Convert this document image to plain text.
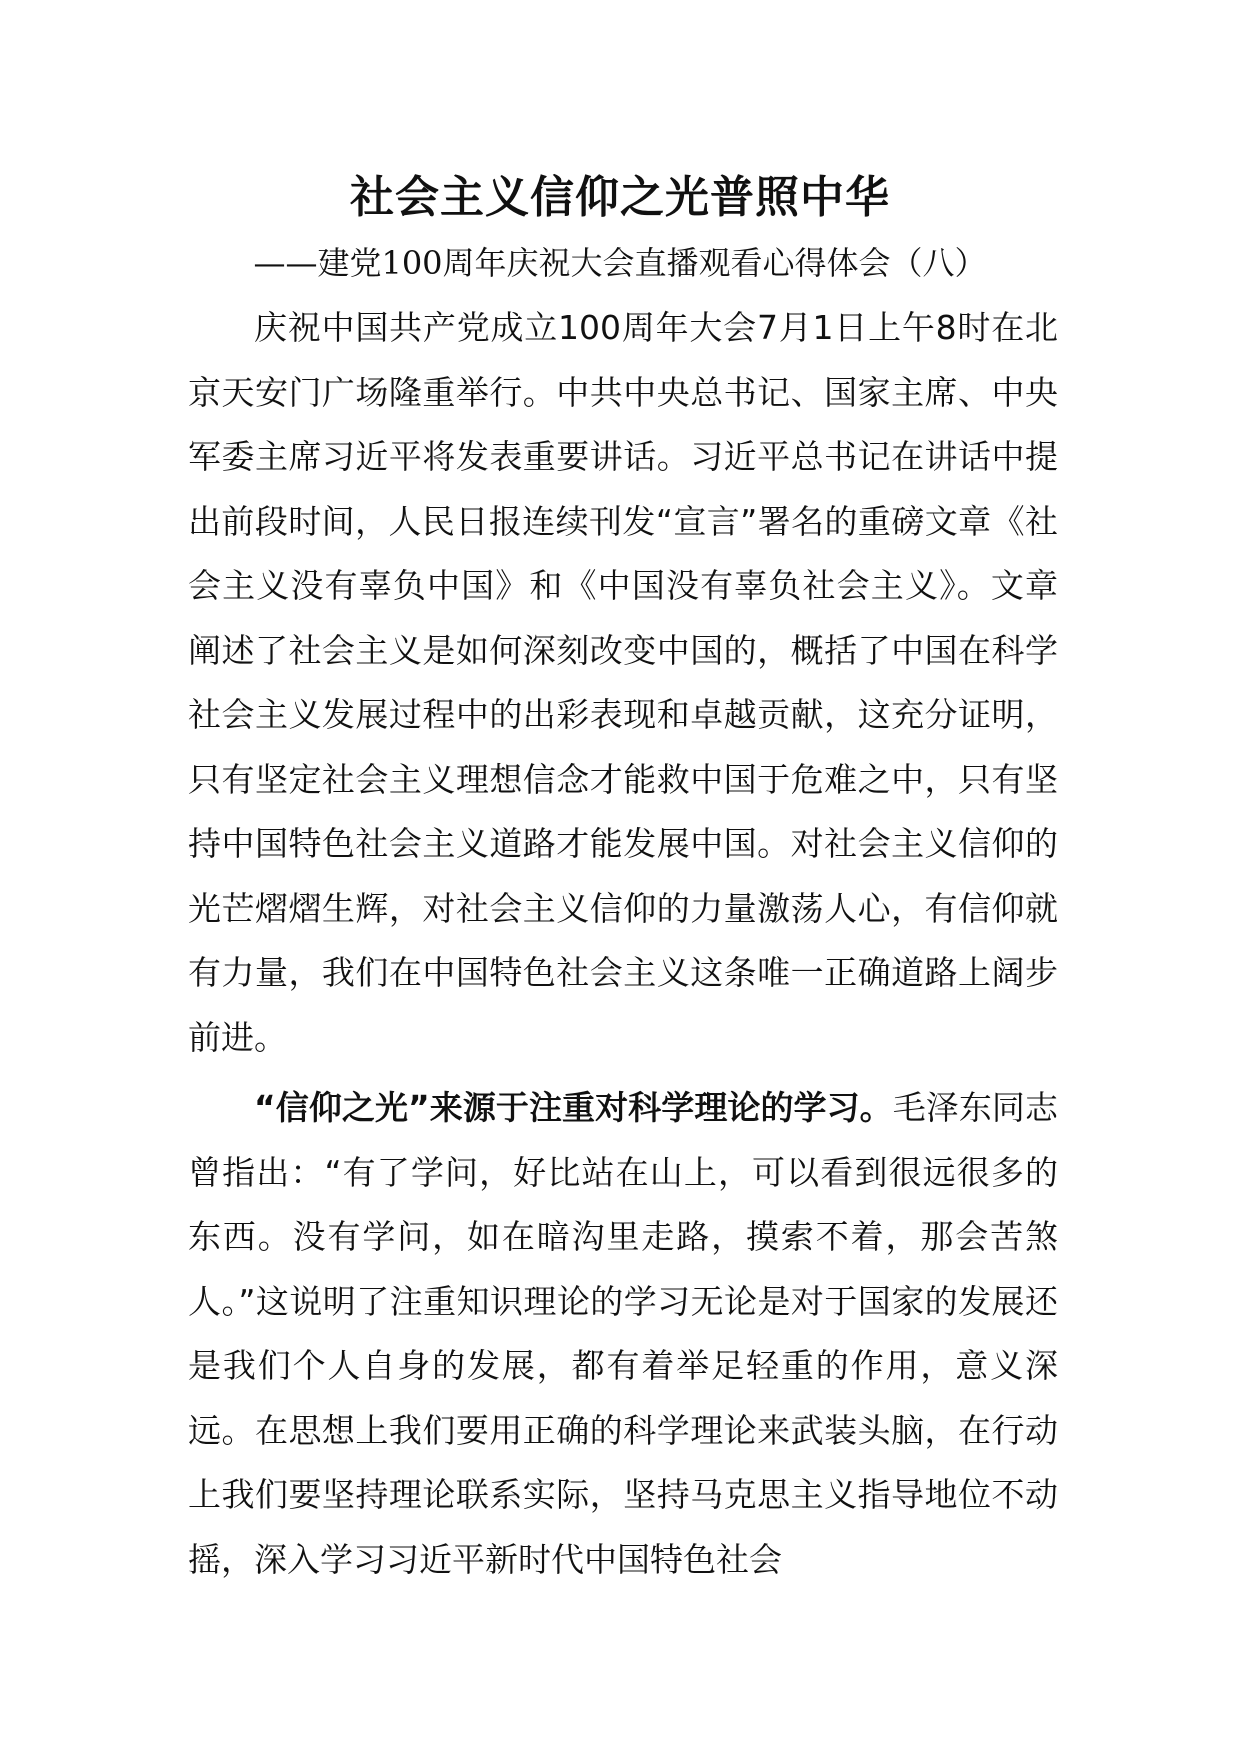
社会主义信仰之光普照中华
——建党100周年庆祝大会直播观看心得体会（八）

庆祝中国共产党成立100周年大会7月1日上午8时在北京天安门广场隆重举行。中共中央总书记、国家主席、中央军委主席习近平将发表重要讲话。习近平总书记在讲话中提出前段时间，人民日报连续刊发“宣言”署名的重磅文章《社会主义没有辜负中国》和《中国没有辜负社会主义》。文章阐述了社会主义是如何深刻改变中国的，概括了中国在科学社会主义发展过程中的出彩表现和卓越贡献，这充分证明，只有坚定社会主义理想信念才能救中国于危难之中，只有坚持中国特色社会主义道路才能发展中国。对社会主义信仰的光芒熠熠生辉，对社会主义信仰的力量激荡人心，有信仰就有力量，我们在中国特色社会主义这条唯一正确道路上阔步前进。

“信仰之光”来源于注重对科学理论的学习。毛泽东同志曾指出：“有了学问，好比站在山上，可以看到很远很多的东西。没有学问，如在暗沟里走路，摸索不着，那会苦煞人。”这说明了注重知识理论的学习无论是对于国家的发展还是我们个人自身的发展，都有着举足轻重的作用，意义深远。在思想上我们要用正确的科学理论来武装头脑，在行动上我们要坚持理论联系实际，坚持马克思主义指导地位不动摇，深入学习习近平新时代中国特色社会
